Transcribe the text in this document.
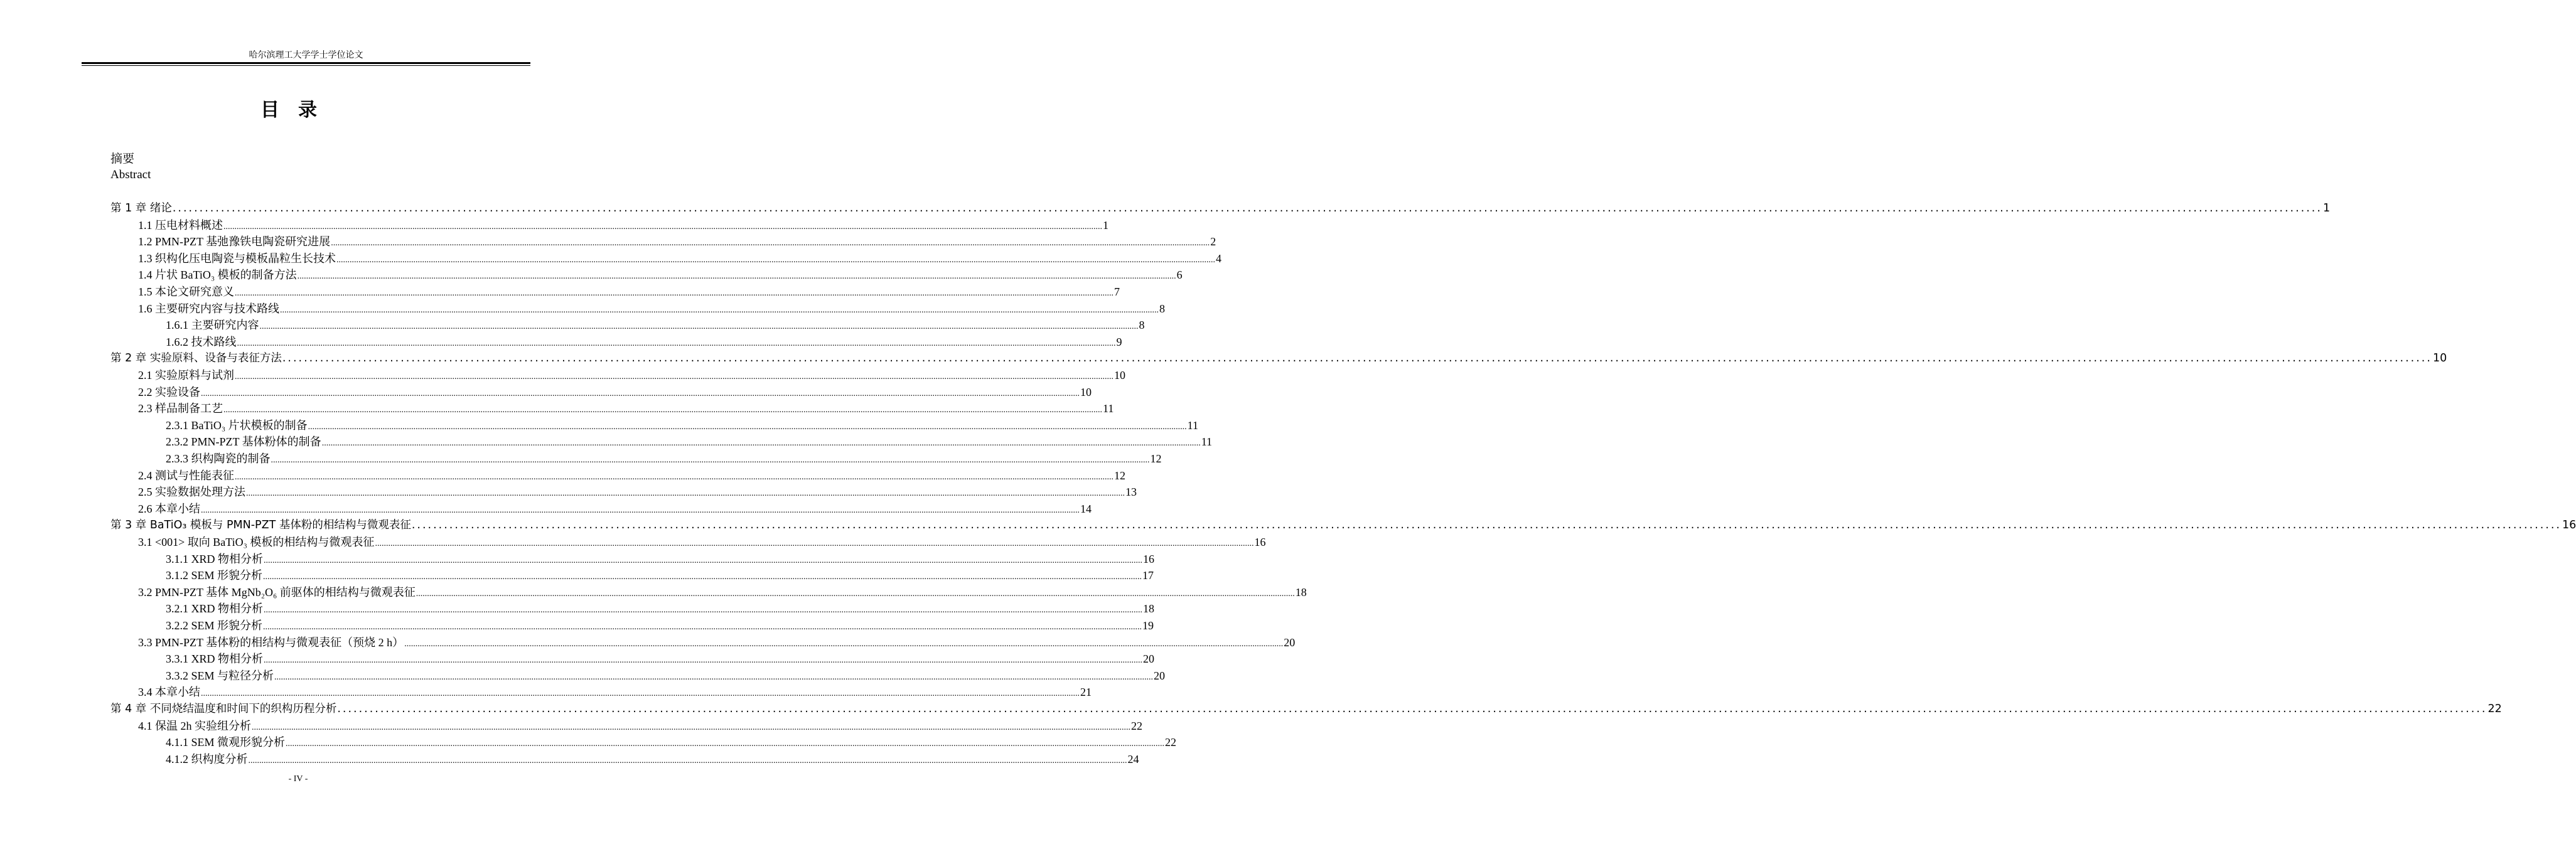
哈尔滨理工大学学士学位论文
目录
摘要
Abstract
第 1 章 绪论 ................................................................................................................................................................................................................................................................................................................................................................................................................ 1
1.1 压电材料概述 ................................................................................................................................................................................................................................................................................................................................................................................................................ 1
1.2 PMN-PZT 基弛豫铁电陶瓷研究进展 ................................................................................................................................................................................................................................................................................................................................................................................................................ 2
1.3 织构化压电陶瓷与模板晶粒生长技术 ................................................................................................................................................................................................................................................................................................................................................................................................................ 4
1.4 片状 BaTiO₃ 模板的制备方法 ................................................................................................................................................................................................................................................................................................................................................................................................................ 6
1.5 本论文研究意义 ................................................................................................................................................................................................................................................................................................................................................................................................................ 7
1.6 主要研究内容与技术路线 ................................................................................................................................................................................................................................................................................................................................................................................................................ 8
1.6.1 主要研究内容 ................................................................................................................................................................................................................................................................................................................................................................................................................ 8
1.6.2 技术路线 ................................................................................................................................................................................................................................................................................................................................................................................................................ 9
第 2 章 实验原料、设备与表征方法 ................................................................................................................................................................................................................................................................................................................................................................................................................ 10
2.1 实验原料与试剂 ................................................................................................................................................................................................................................................................................................................................................................................................................ 10
2.2 实验设备 ................................................................................................................................................................................................................................................................................................................................................................................................................ 10
2.3 样品制备工艺 ................................................................................................................................................................................................................................................................................................................................................................................................................ 11
2.3.1 BaTiO₃ 片状模板的制备 ................................................................................................................................................................................................................................................................................................................................................................................................................ 11
2.3.2 PMN-PZT 基体粉体的制备 ................................................................................................................................................................................................................................................................................................................................................................................................................ 11
2.3.3 织构陶瓷的制备 ................................................................................................................................................................................................................................................................................................................................................................................................................ 12
2.4 测试与性能表征 ................................................................................................................................................................................................................................................................................................................................................................................................................ 12
2.5 实验数据处理方法 ................................................................................................................................................................................................................................................................................................................................................................................................................ 13
2.6 本章小结 ................................................................................................................................................................................................................................................................................................................................................................................................................ 14
第 3 章 BaTiO₃ 模板与 PMN-PZT 基体粉的相结构与微观表征 ................................................................................................................................................................................................................................................................................................................................................................................................................ 16
3.1 <001> 取向 BaTiO₃ 模板的相结构与微观表征 ................................................................................................................................................................................................................................................................................................................................................................................................................ 16
3.1.1 XRD 物相分析 ................................................................................................................................................................................................................................................................................................................................................................................................................ 16
3.1.2 SEM 形貌分析 ................................................................................................................................................................................................................................................................................................................................................................................................................ 17
3.2 PMN-PZT 基体 MgNb₂O₆ 前驱体的相结构与微观表征 ................................................................................................................................................................................................................................................................................................................................................................................................................ 18
3.2.1 XRD 物相分析 ................................................................................................................................................................................................................................................................................................................................................................................................................ 18
3.2.2 SEM 形貌分析 ................................................................................................................................................................................................................................................................................................................................................................................................................ 19
3.3 PMN-PZT 基体粉的相结构与微观表征（预烧 2 h） ................................................................................................................................................................................................................................................................................................................................................................................................................ 20
3.3.1 XRD 物相分析 ................................................................................................................................................................................................................................................................................................................................................................................................................ 20
3.3.2 SEM 与粒径分析 ................................................................................................................................................................................................................................................................................................................................................................................................................ 20
3.4 本章小结 ................................................................................................................................................................................................................................................................................................................................................................................................................ 21
第 4 章 不同烧结温度和时间下的织构历程分析 ................................................................................................................................................................................................................................................................................................................................................................................................................ 22
4.1 保温 2h 实验组分析 ................................................................................................................................................................................................................................................................................................................................................................................................................ 22
4.1.1 SEM 微观形貌分析 ................................................................................................................................................................................................................................................................................................................................................................................................................ 22
4.1.2 织构度分析 ................................................................................................................................................................................................................................................................................................................................................................................................................ 24
- IV -
